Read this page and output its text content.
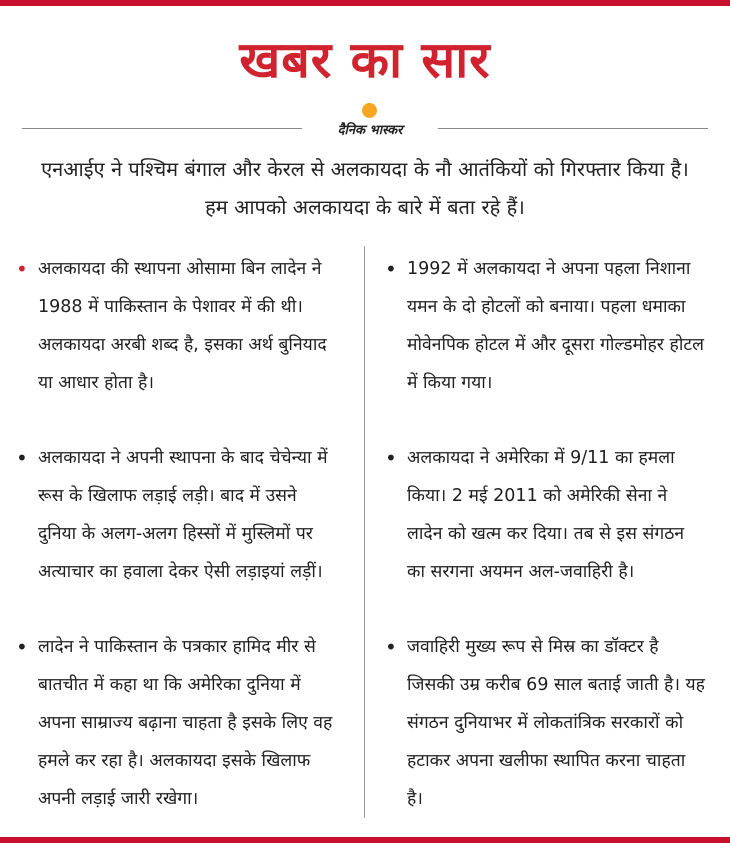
खबर का सार
दैनिक भास्कर

एनआईए ने पश्चिम बंगाल और केरल से अलकायदा के नौ आतंकियों को गिरफ्तार किया है। हम आपको अलकायदा के बारे में बता रहे हैं।

• अलकायदा की स्थापना ओसामा बिन लादेन ने 1988 में पाकिस्तान के पेशावर में की थी। अलकायदा अरबी शब्द है, इसका अर्थ बुनियाद या आधार होता है।
• अलकायदा ने अपनी स्थापना के बाद चेचेन्या में रूस के खिलाफ लड़ाई लड़ी। बाद में उसने दुनिया के अलग-अलग हिस्सों में मुस्लिमों पर अत्याचार का हवाला देकर ऐसी लड़ाइयां लड़ीं।
• लादेन ने पाकिस्तान के पत्रकार हामिद मीर से बातचीत में कहा था कि अमेरिका दुनिया में अपना साम्राज्य बढ़ाना चाहता है इसके लिए वह हमले कर रहा है। अलकायदा इसके खिलाफ अपनी लड़ाई जारी रखेगा।
• 1992 में अलकायदा ने अपना पहला निशाना यमन के दो होटलों को बनाया। पहला धमाका मोवेनपिक होटल में और दूसरा गोल्डमोहर होटल में किया गया।
• अलकायदा ने अमेरिका में 9/11 का हमला किया। 2 मई 2011 को अमेरिकी सेना ने लादेन को खत्म कर दिया। तब से इस संगठन का सरगना अयमन अल-जवाहिरी है।
• जवाहिरी मुख्य रूप से मिस्र का डॉक्टर है जिसकी उम्र करीब 69 साल बताई जाती है। यह संगठन दुनियाभर में लोकतांत्रिक सरकारों को हटाकर अपना खलीफा स्थापित करना चाहता है।
